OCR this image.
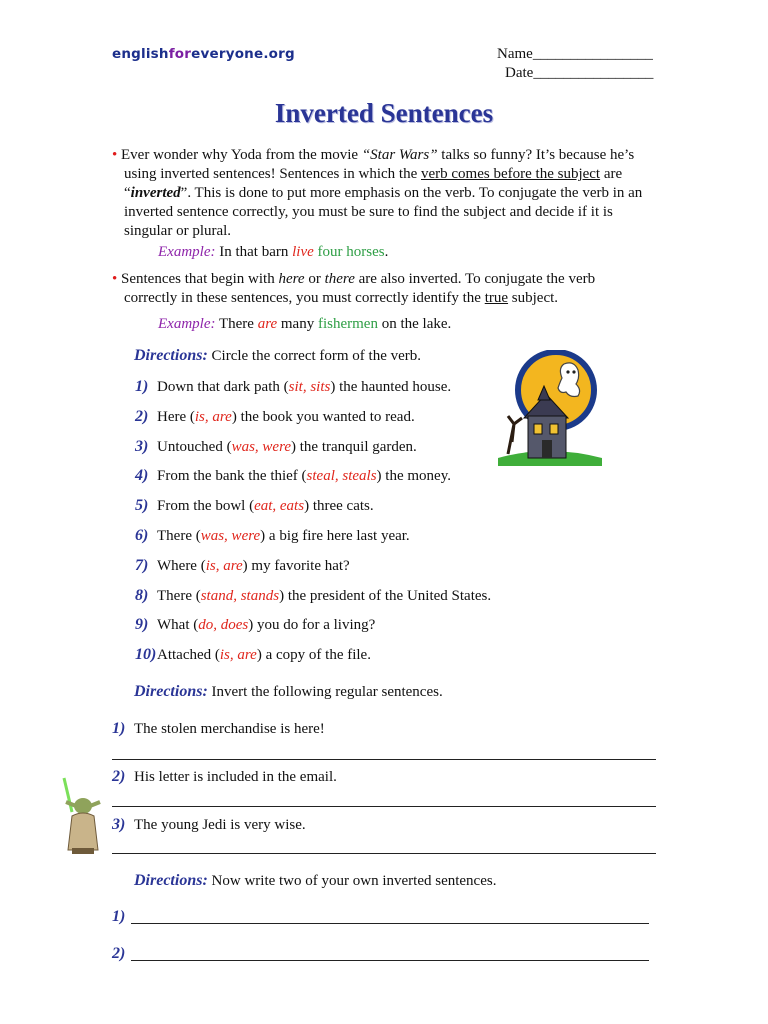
englishforeveryone.org	Name________________
Date________________
Inverted Sentences
• Ever wonder why Yoda from the movie “Star Wars” talks so funny? It’s because he’s
using inverted sentences! Sentences in which the verb comes before the subject are
“inverted”. This is done to put more emphasis on the verb. To conjugate the verb in an
inverted sentence correctly, you must be sure to find the subject and decide if it is
singular or plural.
Example: In that barn live four horses.
• Sentences that begin with here or there are also inverted. To conjugate the verb
correctly in these sentences, you must correctly identify the true subject.
Example: There are many fishermen on the lake.
Directions: Circle the correct form of the verb.
1) Down that dark path (sit, sits) the haunted house.
2) Here (is, are) the book you wanted to read.
3) Untouched (was, were) the tranquil garden.
4) From the bank the thief (steal, steals) the money.
5) From the bowl (eat, eats) three cats.
6) There (was, were) a big fire here last year.
7) Where (is, are) my favorite hat?
8) There (stand, stands) the president of the United States.
9) What (do, does) you do for a living?
10)Attached (is, are) a copy of the file.
Directions: Invert the following regular sentences.
1) The stolen merchandise is here!
2) His letter is included in the email.
3) The young Jedi is very wise.
Directions: Now write two of your own inverted sentences.
1)
2)
